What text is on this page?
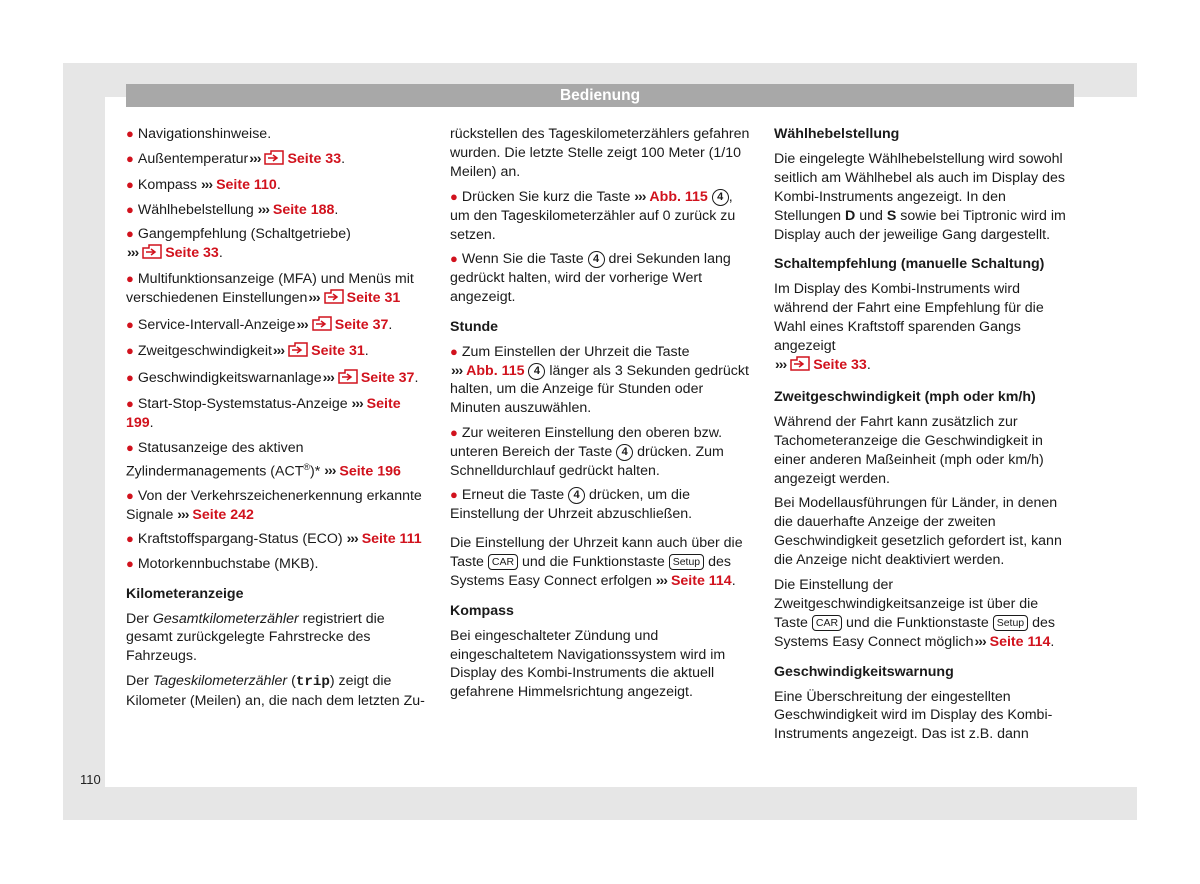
Bedienung
110
● Navigationshinweise.
● Außentemperatur››› Seite 33.
● Kompass ››› Seite 110.
● Wählhebelstellung ››› Seite 188.
● Gangempfehlung (Schaltgetriebe)
››› Seite 33.
● Multifunktionsanzeige (MFA) und Menüs mit verschiedenen Einstellungen››› Seite 31
● Service-Intervall-Anzeige››› Seite 37.
● Zweitgeschwindigkeit››› Seite 31.
● Geschwindigkeitswarnanlage››› Seite 37.
● Start-Stop-Systemstatus-Anzeige ››› Seite 199.
● Statusanzeige des aktiven Zylindermanagements (ACT®)* ››› Seite 196
● Von der Verkehrszeichenerkennung erkannte Signale ››› Seite 242
● Kraftstoffspargang-Status (ECO) ››› Seite 111
● Motorkennbuchstabe (MKB).
Kilometeranzeige

Der Gesamtkilometerzähler registriert die gesamt zurückgelegte Fahrstrecke des Fahrzeugs.

Der Tageskilometerzähler (trip) zeigt die Kilometer (Meilen) an, die nach dem letzten Zu-

rückstellen des Tageskilometerzählers gefahren wurden. Die letzte Stelle zeigt 100 Meter (1/10 Meilen) an.

● Drücken Sie kurz die Taste ››› Abb. 115 4 , um den Tageskilometerzähler auf 0 zurück zu setzen.
● Wenn Sie die Taste 4 drei Sekunden lang gedrückt halten, wird der vorherige Wert angezeigt.
Stunde
● Zum Einstellen der Uhrzeit die Taste
››› Abb. 115 4 länger als 3 Sekunden gedrückt halten, um die Anzeige für Stunden oder Minuten auszuwählen.
● Zur weiteren Einstellung den oberen bzw. unteren Bereich der Taste 4 drücken. Zum Schnelldurchlauf gedrückt halten.
● Erneut die Taste 4 drücken, um die Einstellung der Uhrzeit abzuschließen.

Die Einstellung der Uhrzeit kann auch über die Taste CAR und die Funktionstaste Setup des Systems Easy Connect erfolgen ››› Seite 114.

Kompass

Bei eingeschalteter Zündung und eingeschaltetem Navigationssystem wird im Display des Kombi-Instruments die aktuell gefahrene Himmelsrichtung angezeigt.

Wählhebelstellung

Die eingelegte Wählhebelstellung wird sowohl seitlich am Wählhebel als auch im Display des Kombi-Instruments angezeigt. In den Stellungen D und S sowie bei Tiptronic wird im Display auch der jeweilige Gang dargestellt.

Schaltempfehlung (manuelle Schaltung)

Im Display des Kombi-Instruments wird während der Fahrt eine Empfehlung für die Wahl eines Kraftstoff sparenden Gangs angezeigt
››› Seite 33.

Zweitgeschwindigkeit (mph oder km/h)

Während der Fahrt kann zusätzlich zur Tachometeranzeige die Geschwindigkeit in einer anderen Maßeinheit (mph oder km/h) angezeigt werden.

Bei Modellausführungen für Länder, in denen die dauerhafte Anzeige der zweiten Geschwindigkeit gesetzlich gefordert ist, kann die Anzeige nicht deaktiviert werden.

Die Einstellung der Zweitgeschwindigkeitsanzeige ist über die Taste CAR und die Funktionstaste Setup des Systems Easy Connect möglich››› Seite 114.

Geschwindigkeitswarnung

Eine Überschreitung der eingestellten Geschwindigkeit wird im Display des Kombi-Instruments angezeigt. Das ist z.B. dann
